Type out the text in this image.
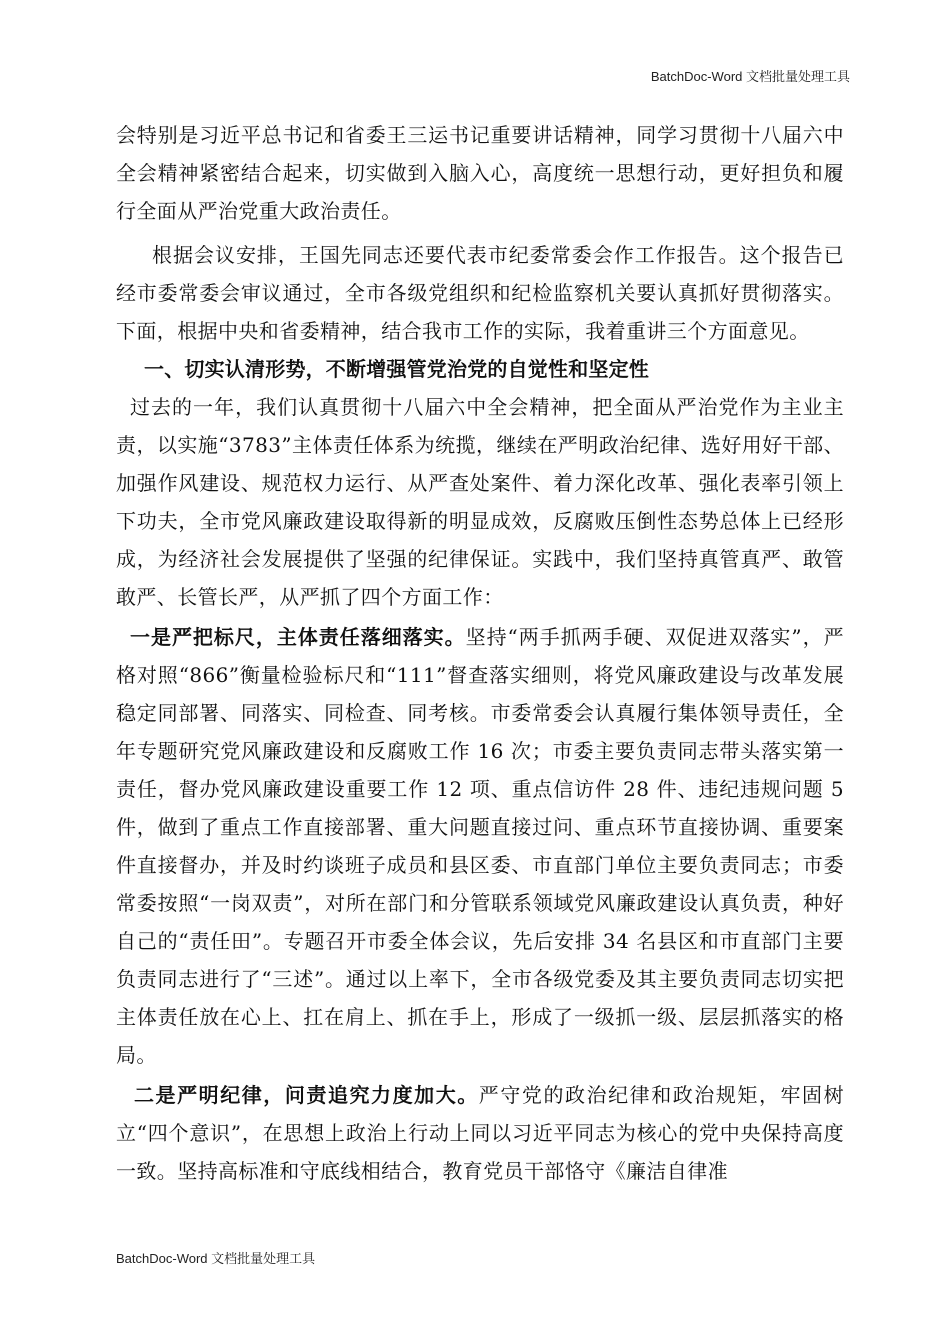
BatchDoc-Word 文档批量处理工具

会特别是习近平总书记和省委王三运书记重要讲话精神，同学习贯彻十八届六中全会精神紧密结合起来，切实做到入脑入心，高度统一思想行动，更好担负和履行全面从严治党重大政治责任。

根据会议安排，王国先同志还要代表市纪委常委会作工作报告。这个报告已经市委常委会审议通过，全市各级党组织和纪检监察机关要认真抓好贯彻落实。下面，根据中央和省委精神，结合我市工作的实际，我着重讲三个方面意见。

一、切实认清形势，不断增强管党治党的自觉性和坚定性

过去的一年，我们认真贯彻十八届六中全会精神，把全面从严治党作为主业主责，以实施“3783”主体责任体系为统揽，继续在严明政治纪律、选好用好干部、加强作风建设、规范权力运行、从严查处案件、着力深化改革、强化表率引领上下功夫，全市党风廉政建设取得新的明显成效，反腐败压倒性态势总体上已经形成，为经济社会发展提供了坚强的纪律保证。实践中，我们坚持真管真严、敢管敢严、长管长严，从严抓了四个方面工作：

一是严把标尺，主体责任落细落实。坚持“两手抓两手硬、双促进双落实”，严格对照“866”衡量检验标尺和“111”督查落实细则，将党风廉政建设与改革发展稳定同部署、同落实、同检查、同考核。市委常委会认真履行集体领导责任，全年专题研究党风廉政建设和反腐败工作 16 次；市委主要负责同志带头落实第一责任，督办党风廉政建设重要工作 12 项、重点信访件 28 件、违纪违规问题 5 件，做到了重点工作直接部署、重大问题直接过问、重点环节直接协调、重要案件直接督办，并及时约谈班子成员和县区委、市直部门单位主要负责同志；市委常委按照“一岗双责”，对所在部门和分管联系领域党风廉政建设认真负责，种好自己的“责任田”。专题召开市委全体会议，先后安排 34 名县区和市直部门主要负责同志进行了“三述”。通过以上率下，全市各级党委及其主要负责同志切实把主体责任放在心上、扛在肩上、抓在手上，形成了一级抓一级、层层抓落实的格局。

二是严明纪律，问责追究力度加大。严守党的政治纪律和政治规矩，牢固树立“四个意识”，在思想上政治上行动上同以习近平同志为核心的党中央保持高度一致。坚持高标准和守底线相结合，教育党员干部恪守《廉洁自律准

BatchDoc-Word 文档批量处理工具
